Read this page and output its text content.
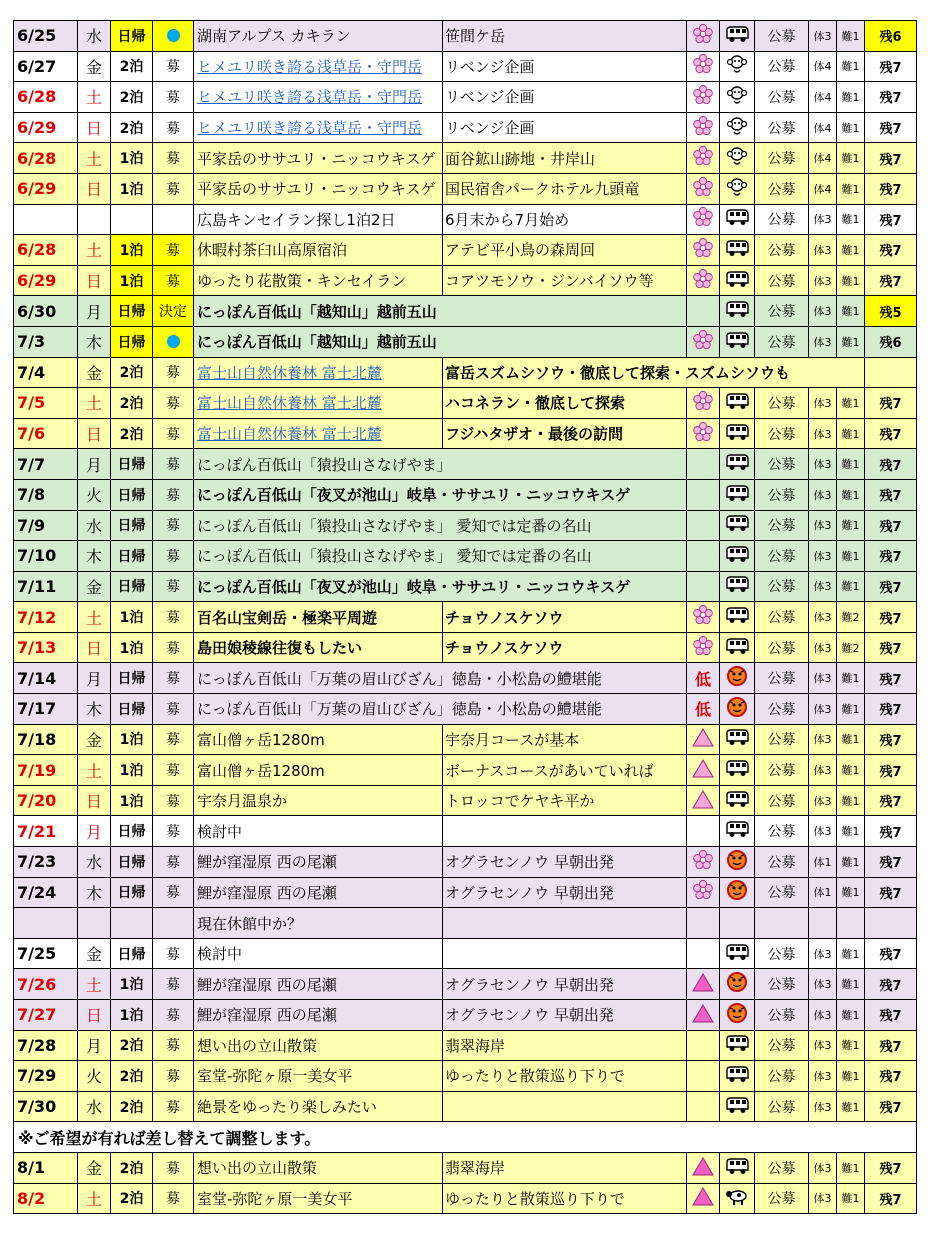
6/25	水	日帰		湖南アルプス カキラン	笹間ケ岳			公募	体3	難1	残6
6/27	金	2泊	募	ヒメユリ咲き誇る浅草岳・守門岳	リベンジ企画			公募	体4	難1	残7
6/28	土	2泊	募	ヒメユリ咲き誇る浅草岳・守門岳	リベンジ企画			公募	体4	難1	残7
6/29	日	2泊	募	ヒメユリ咲き誇る浅草岳・守門岳	リベンジ企画			公募	体4	難1	残7
6/28	土	1泊	募	平家岳のササユリ・ニッコウキスゲ	面谷鉱山跡地・井岸山			公募	体4	難1	残7
6/29	日	1泊	募	平家岳のササユリ・ニッコウキスゲ	国民宿舎パークホテル九頭竜			公募	体4	難1	残7
				広島キンセイラン探し1泊2日	6月末から7月始め			公募	体3	難1	残7
6/28	土	1泊	募	休暇村茶臼山高原宿泊	アテビ平小鳥の森周回			公募	体3	難1	残7
6/29	日	1泊	募	ゆったり花散策・キンセイラン	コアツモソウ・ジンバイソウ等			公募	体3	難1	残7
6/30	月	日帰	決定	にっぽん百低山「越知山」越前五山				公募	体3	難1	残5
7/3	木	日帰		にっぽん百低山「越知山」越前五山				公募	体3	難1	残6
7/4	金	2泊	募	富士山自然休養林 富士北麓	富岳スズムシソウ・徹底して探索・スズムシソウも						
7/5	土	2泊	募	富士山自然休養林 富士北麓	ハコネラン・徹底して探索			公募	体3	難1	残7
7/6	日	2泊	募	富士山自然休養林 富士北麓	フジハタザオ・最後の訪問			公募	体3	難1	残7
7/7	月	日帰	募	にっぽん百低山「猿投山さなげやま」				公募	体3	難1	残7
7/8	火	日帰	募	にっぽん百低山「夜叉が池山」岐阜・ササユリ・ニッコウキスゲ				公募	体3	難1	残7
7/9	水	日帰	募	にっぽん百低山「猿投山さなげやま」 愛知では定番の名山				公募	体3	難1	残7
7/10	木	日帰	募	にっぽん百低山「猿投山さなげやま」 愛知では定番の名山				公募	体3	難1	残7
7/11	金	日帰	募	にっぽん百低山「夜叉が池山」岐阜・ササユリ・ニッコウキスゲ				公募	体3	難1	残7
7/12	土	1泊	募	百名山宝剣岳・極楽平周遊	チョウノスケソウ			公募	体3	難2	残7
7/13	日	1泊	募	島田娘稜線往復もしたい	チョウノスケソウ			公募	体3	難2	残7
7/14	月	日帰	募	にっぽん百低山「万葉の眉山びざん」徳島・小松島の鱧堪能		低		公募	体3	難1	残7
7/17	木	日帰	募	にっぽん百低山「万葉の眉山びざん」徳島・小松島の鱧堪能		低		公募	体3	難1	残7
7/18	金	1泊	募	富山僧ヶ岳1280m	宇奈月コースが基本			公募	体3	難1	残7
7/19	土	1泊	募	富山僧ヶ岳1280m	ボーナスコースがあいていれば			公募	体3	難1	残7
7/20	日	1泊	募	宇奈月温泉か	トロッコでケヤキ平か			公募	体3	難1	残7
7/21	月	日帰	募	検討中				公募	体3	難1	残7
7/23	水	日帰	募	鯉が窪湿原 西の尾瀬	オグラセンノウ 早朝出発			公募	体1	難1	残7
7/24	木	日帰	募	鯉が窪湿原 西の尾瀬	オグラセンノウ 早朝出発			公募	体1	難1	残7
				現在休館中か？							
7/25	金	日帰	募	検討中				公募	体3	難1	残7
7/26	土	1泊	募	鯉が窪湿原 西の尾瀬	オグラセンノウ 早朝出発			公募	体3	難1	残7
7/27	日	1泊	募	鯉が窪湿原 西の尾瀬	オグラセンノウ 早朝出発			公募	体3	難1	残7
7/28	月	2泊	募	想い出の立山散策	翡翠海岸			公募	体3	難1	残7
7/29	火	2泊	募	室堂-弥陀ヶ原一美女平	ゆったりと散策巡り下りで			公募	体3	難1	残7
7/30	水	2泊	募	絶景をゆったり楽しみたい				公募	体3	難1	残7
※ご希望が有れば差し替えて調整します。											
8/1	金	2泊	募	想い出の立山散策	翡翠海岸			公募	体3	難1	残7
8/2	土	2泊	募	室堂-弥陀ヶ原一美女平	ゆったりと散策巡り下りで			公募	体3	難1	残7
